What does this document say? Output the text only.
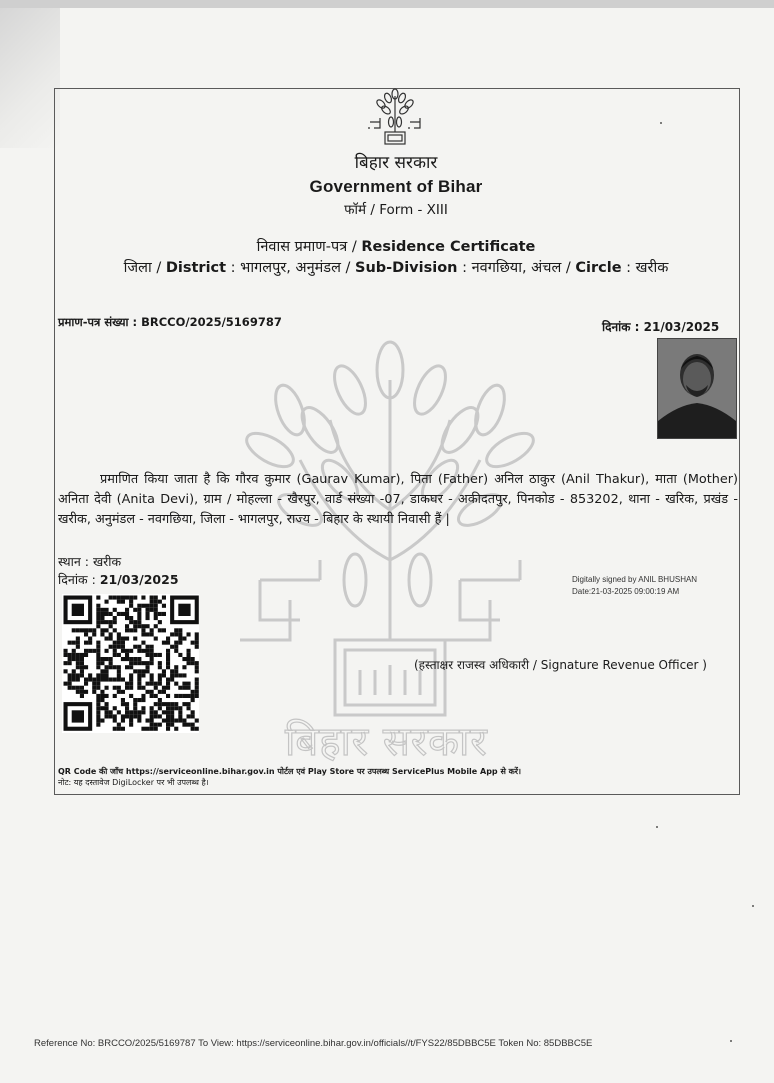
बिहार सरकार
बिहार सरकार
Government of Bihar
फॉर्म / Form - XIII
निवास प्रमाण-पत्र / Residence Certificate
जिला / District : भागलपुर, अनुमंडल / Sub-Division : नवगछिया, अंचल / Circle : खरीक
प्रमाण-पत्र संख्या : BRCCO/2025/5169787	दिनांक : 21/03/2025
प्रमाणित किया जाता है कि गौरव कुमार (Gaurav Kumar), पिता (Father) अनिल ठाकुर (Anil Thakur), माता (Mother) अनिता देवी (Anita Devi), ग्राम / मोहल्ला - खैरपुर, वार्ड संख्या -07, डाकघर - अकीदतपुर, पिनकोड - 853202, थाना - खरिक, प्रखंड - खरीक, अनुमंडल - नवगछिया, जिला - भागलपुर, राज्य - बिहार के स्थायी निवासी हैं |
स्थान : खरीक
दिनांक : 21/03/2025	Digitally signed by ANIL BHUSHAN
Date:21-03-2025 09:00:19 AM
(हस्ताक्षर राजस्व अधिकारी / Signature Revenue Officer )
QR Code की जाँच https://serviceonline.bihar.gov.in पोर्टल एवं Play Store पर उपलब्ध ServicePlus Mobile App से करें।
नोट: यह दस्तावेज DigiLocker पर भी उपलब्ध है।
Reference No: BRCCO/2025/5169787 To View: https://serviceonline.bihar.gov.in/officials//t/FYS22/85DBBC5E Token No: 85DBBC5E
